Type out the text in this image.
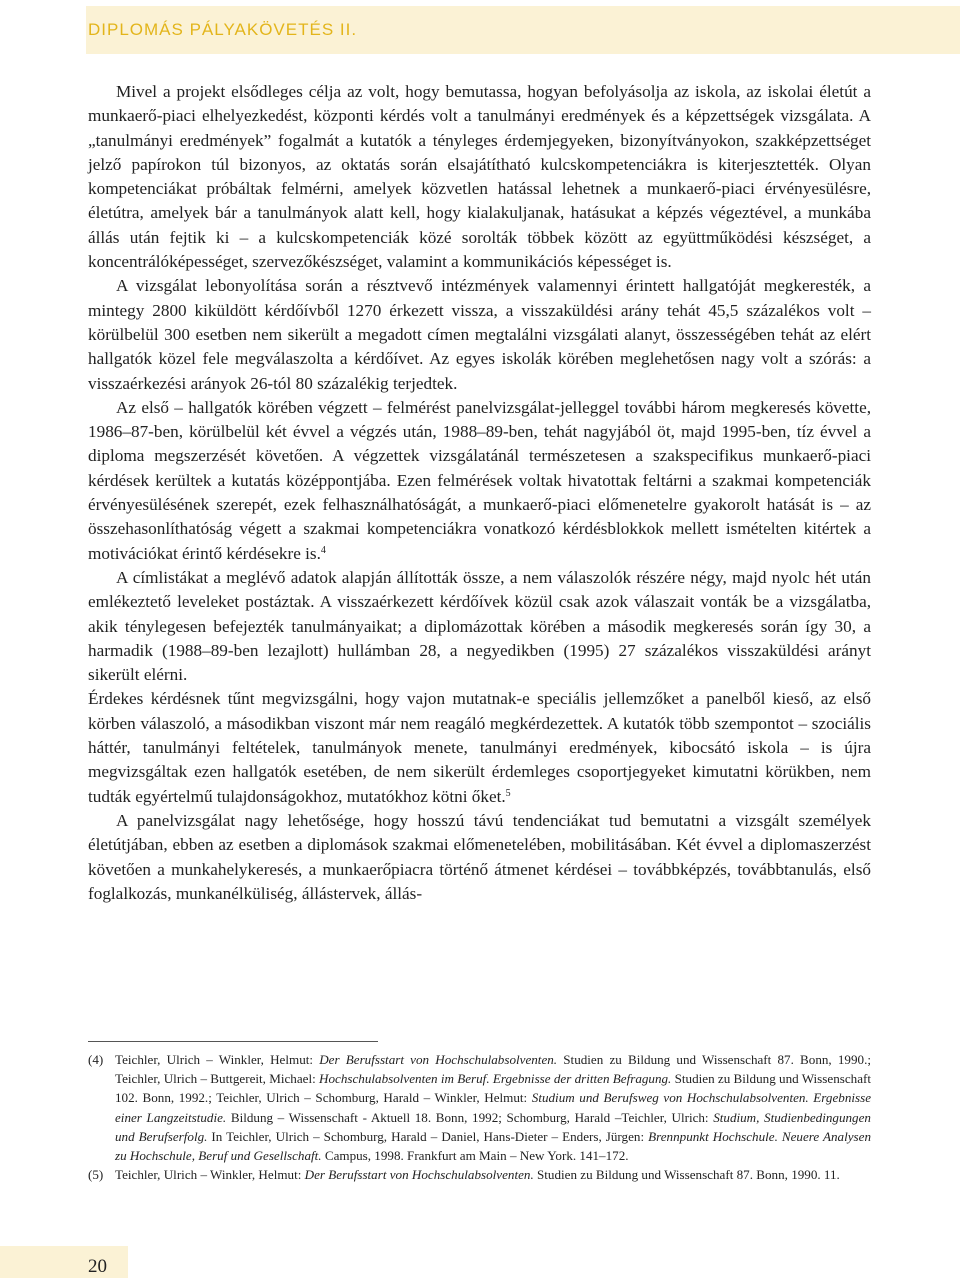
DIPLOMÁS PÁLYAKÖVETÉS II.

Mivel a projekt elsődleges célja az volt, hogy bemutassa, hogyan befolyásolja az iskola, az iskolai életút a munkaerő-piaci elhelyezkedést, központi kérdés volt a tanulmányi eredmények és a képzettségek vizsgálata. A „tanulmányi eredmények” fogalmát a kutatók a tényleges érdemjegyeken, bizonyítványokon, szakképzettséget jelző papírokon túl bizonyos, az oktatás során elsajátítható kulcskompetenciákra is kiterjesztették. Olyan kompetenciákat próbáltak felmérni, amelyek közvetlen hatással lehetnek a munkaerő-piaci érvényesülésre, életútra, amelyek bár a tanulmányok alatt kell, hogy kialakuljanak, hatásukat a képzés végeztével, a munkába állás után fejtik ki – a kulcskompetenciák közé sorolták többek között az együttműködési készséget, a koncentrálóképességet, szervezőkészséget, valamint a kommunikációs képességet is.

A vizsgálat lebonyolítása során a résztvevő intézmények valamennyi érintett hallgatóját megkeresték, a mintegy 2800 kiküldött kérdőívből 1270 érkezett vissza, a visszaküldési arány tehát 45,5 százalékos volt – körülbelül 300 esetben nem sikerült a megadott címen megtalálni vizsgálati alanyt, összességében tehát az elért hallgatók közel fele megválaszolta a kérdőívet. Az egyes iskolák körében meglehetősen nagy volt a szórás: a visszaérkezési arányok 26-tól 80 százalékig terjedtek.

Az első – hallgatók körében végzett – felmérést panelvizsgálat-jelleggel további három megkeresés követte, 1986–87-ben, körülbelül két évvel a végzés után, 1988–89-ben, tehát nagyjából öt, majd 1995-ben, tíz évvel a diploma megszerzését követően. A végzettek vizsgálatánál természetesen a szakspecifikus munkaerő-piaci kérdések kerültek a kutatás középpontjába. Ezen felmérések voltak hivatottak feltárni a szakmai kompetenciák érvényesülésének szerepét, ezek felhasználhatóságát, a munkaerő-piaci előmenetelre gyakorolt hatását is – az összehasonlíthatóság végett a szakmai kompetenciákra vonatkozó kérdésblokkok mellett ismételten kitértek a motivációkat érintő kérdésekre is.$^4$

A címlistákat a meglévő adatok alapján állították össze, a nem válaszolók részére négy, majd nyolc hét után emlékeztető leveleket postáztak. A visszaérkezett kérdőívek közül csak azok válaszait vonták be a vizsgálatba, akik ténylegesen befejezték tanulmányaikat; a diplomázottak körében a második megkeresés során így 30, a harmadik (1988–89-ben lezajlott) hullámban 28, a negyedikben (1995) 27 százalékos visszaküldési arányt sikerült elérni.

Érdekes kérdésnek tűnt megvizsgálni, hogy vajon mutatnak-e speciális jellemzőket a panelből kieső, az első körben válaszoló, a másodikban viszont már nem reagáló megkérdezettek. A kutatók több szempontot – szociális háttér, tanulmányi feltételek, tanulmányok menete, tanulmányi eredmények, kibocsátó iskola – is újra megvizsgáltak ezen hallgatók esetében, de nem sikerült érdemleges csoportjegyeket kimutatni körükben, nem tudták egyértelmű tulajdonságokhoz, mutatókhoz kötni őket.$^5$

A panelvizsgálat nagy lehetősége, hogy hosszú távú tendenciákat tud bemutatni a vizsgált személyek életútjában, ebben az esetben a diplomások szakmai előmenetelében, mobilitásában. Két évvel a diplomaszerzést követően a munkahelykeresés, a munkaerőpiacra történő átmenet kérdései – továbbképzés, továbbtanulás, első foglalkozás, munkanélküliség, állástervek, állás-

(4) Teichler, Ulrich – Winkler, Helmut: Der Berufsstart von Hochschulabsolventen. Studien zu Bildung und Wissenschaft 87. Bonn, 1990.; Teichler, Ulrich – Buttgereit, Michael: Hochschulabsolventen im Beruf. Ergebnisse der dritten Befragung. Studien zu Bildung und Wissenschaft 102. Bonn, 1992.; Teichler, Ulrich – Schomburg, Harald – Winkler, Helmut: Studium und Berufsweg von Hochschulabsolventen. Ergebnisse einer Langzeitstudie. Bildung – Wissenschaft - Aktuell 18. Bonn, 1992; Schomburg, Harald –Teichler, Ulrich: Studium, Studienbedingungen und Berufserfolg. In Teichler, Ulrich – Schomburg, Harald – Daniel, Hans-Dieter – Enders, Jürgen: Brennpunkt Hochschule. Neuere Analysen zu Hochschule, Beruf und Gesellschaft. Campus, 1998. Frankfurt am Main – New York. 141–172.
(5) Teichler, Ulrich – Winkler, Helmut: Der Berufsstart von Hochschulabsolventen. Studien zu Bildung und Wissenschaft 87. Bonn, 1990. 11.
20
